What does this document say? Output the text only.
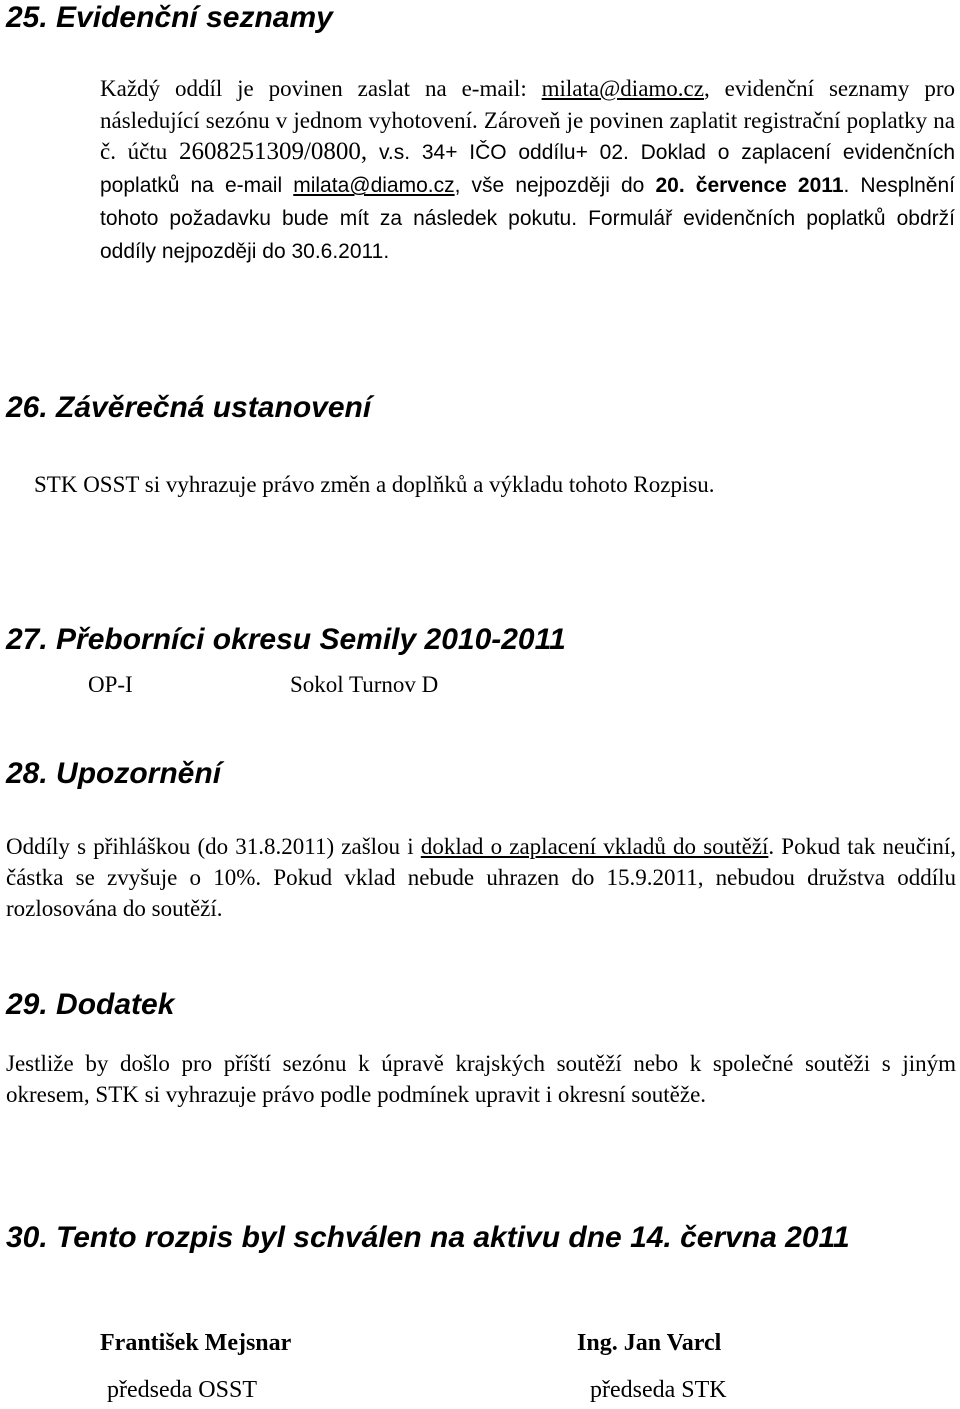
25. Evidenční seznamy

Každý oddíl je povinen zaslat na e-mail: milata@diamo.cz, evidenční seznamy pro následující sezónu v jednom vyhotovení. Zároveň je povinen zaplatit registrační poplatky na č. účtu 2608251309/0800, v.s. 34+ IČO oddílu+ 02. Doklad o zaplacení evidenčních poplatků na e-mail milata@diamo.cz, vše nejpozději do 20. července 2011. Nesplnění tohoto požadavku bude mít za následek pokutu. Formulář evidenčních poplatků obdrží oddíly nejpozději do 30.6.2011.

26. Závěrečná ustanovení
STK OSST si vyhrazuje právo změn a doplňků a výkladu tohoto Rozpisu.
27. Přeborníci okresu Semily 2010-2011
OP-I	Sokol Turnov D
28. Upozornění

Oddíly s přihláškou (do 31.8.2011) zašlou i doklad o zaplacení vkladů do soutěží. Pokud tak neučiní, částka se zvyšuje o 10%. Pokud vklad nebude uhrazen do 15.9.2011, nebudou družstva oddílu rozlosována do soutěží.

29. Dodatek

Jestliže by došlo pro příští sezónu k úpravě krajských soutěží nebo k společné soutěži s jiným okresem, STK si vyhrazuje právo podle podmínek upravit i okresní soutěže.

30. Tento rozpis byl schválen na aktivu dne 14. června 2011
František Mejsnar
předseda OSST
Ing. Jan Varcl
předseda STK
